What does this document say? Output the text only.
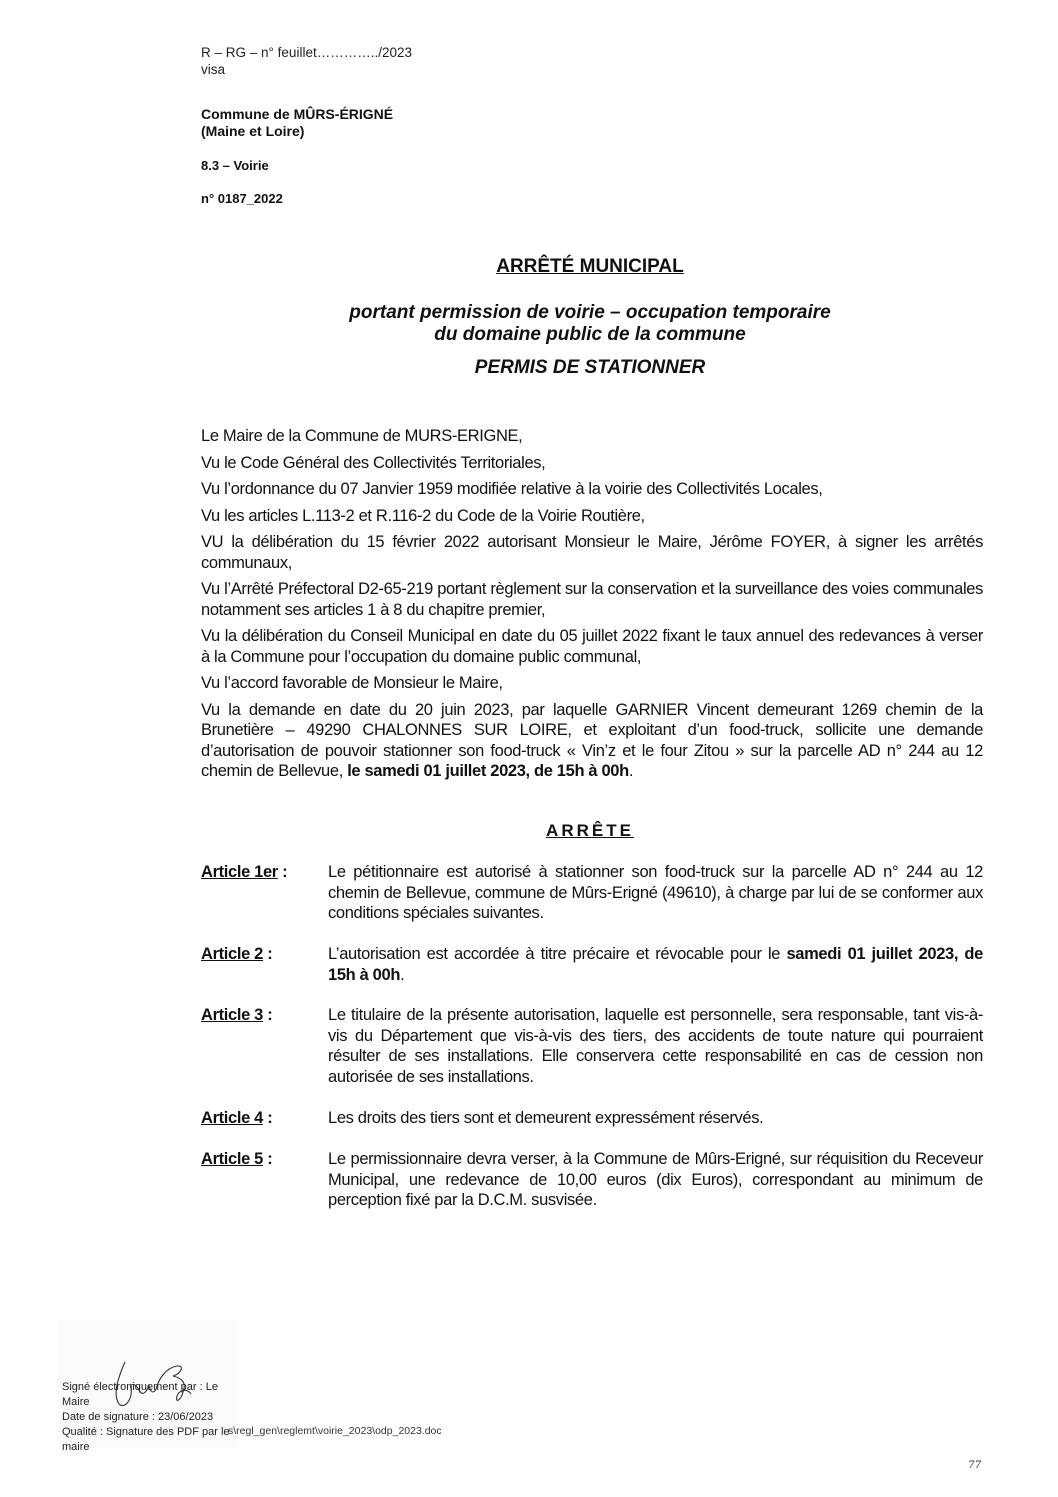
R – RG – n° feuillet…………../2023
visa
Commune de MÛRS-ÉRIGNÉ
(Maine et Loire)
8.3 – Voirie
n° 0187_2022
ARRÊTÉ MUNICIPAL
portant permission de voirie – occupation temporaire
du domaine public de la commune
PERMIS DE STATIONNER

Le Maire de la Commune de MURS-ERIGNE,

Vu le Code Général des Collectivités Territoriales,

Vu l’ordonnance du 07 Janvier 1959 modifiée relative à la voirie des Collectivités Locales,

Vu les articles L.113-2 et R.116-2 du Code de la Voirie Routière,

VU la délibération du 15 février 2022 autorisant Monsieur le Maire, Jérôme FOYER, à signer les arrêtés communaux,

Vu l’Arrêté Préfectoral D2-65-219 portant règlement sur la conservation et la surveillance des voies communales notamment ses articles 1 à 8 du chapitre premier,

Vu la délibération du Conseil Municipal en date du 05 juillet 2022 fixant le taux annuel des redevances à verser à la Commune pour l’occupation du domaine public communal,

Vu l’accord favorable de Monsieur le Maire,

Vu la demande en date du 20 juin 2023, par laquelle GARNIER Vincent demeurant 1269 chemin de la Brunetière – 49290 CHALONNES SUR LOIRE, et exploitant d’un food-truck, sollicite une demande d’autorisation de pouvoir stationner son food-truck « Vin’z et le four Zitou » sur la parcelle AD n° 244 au 12 chemin de Bellevue, le samedi 01 juillet 2023, de 15h à 00h.

ARRÊTE
Article 1er : Le pétitionnaire est autorisé à stationner son food-truck sur la parcelle AD n° 244 au 12 chemin de Bellevue, commune de Mûrs-Erigné (49610), à charge par lui de se conformer aux conditions spéciales suivantes.
Article 2 :	L’autorisation est accordée à titre précaire et révocable pour le samedi 01 juillet 2023, de 15h à 00h.
Article 3 :	Le titulaire de la présente autorisation, laquelle est personnelle, sera responsable, tant vis-à-vis du Département que vis-à-vis des tiers, des accidents de toute nature qui pourraient résulter de ses installations. Elle conservera cette responsabilité en cas de cession non autorisée de ses installations.
Article 4 :	Les droits des tiers sont et demeurent expressément réservés.
Article 5 :	Le permissionnaire devra verser, à la Commune de Mûrs-Erigné, sur réquisition du Receveur Municipal, une redevance de 10,00 euros (dix Euros), correspondant au minimum de perception fixé par la D.C.M. susvisée.
Signé électroniquement par : Le Maire
Date de signature : 23/06/2023
Qualité : Signature des PDF par le maire
s\regl_gen\reglemt\voirie_2023\odp_2023.doc
77
